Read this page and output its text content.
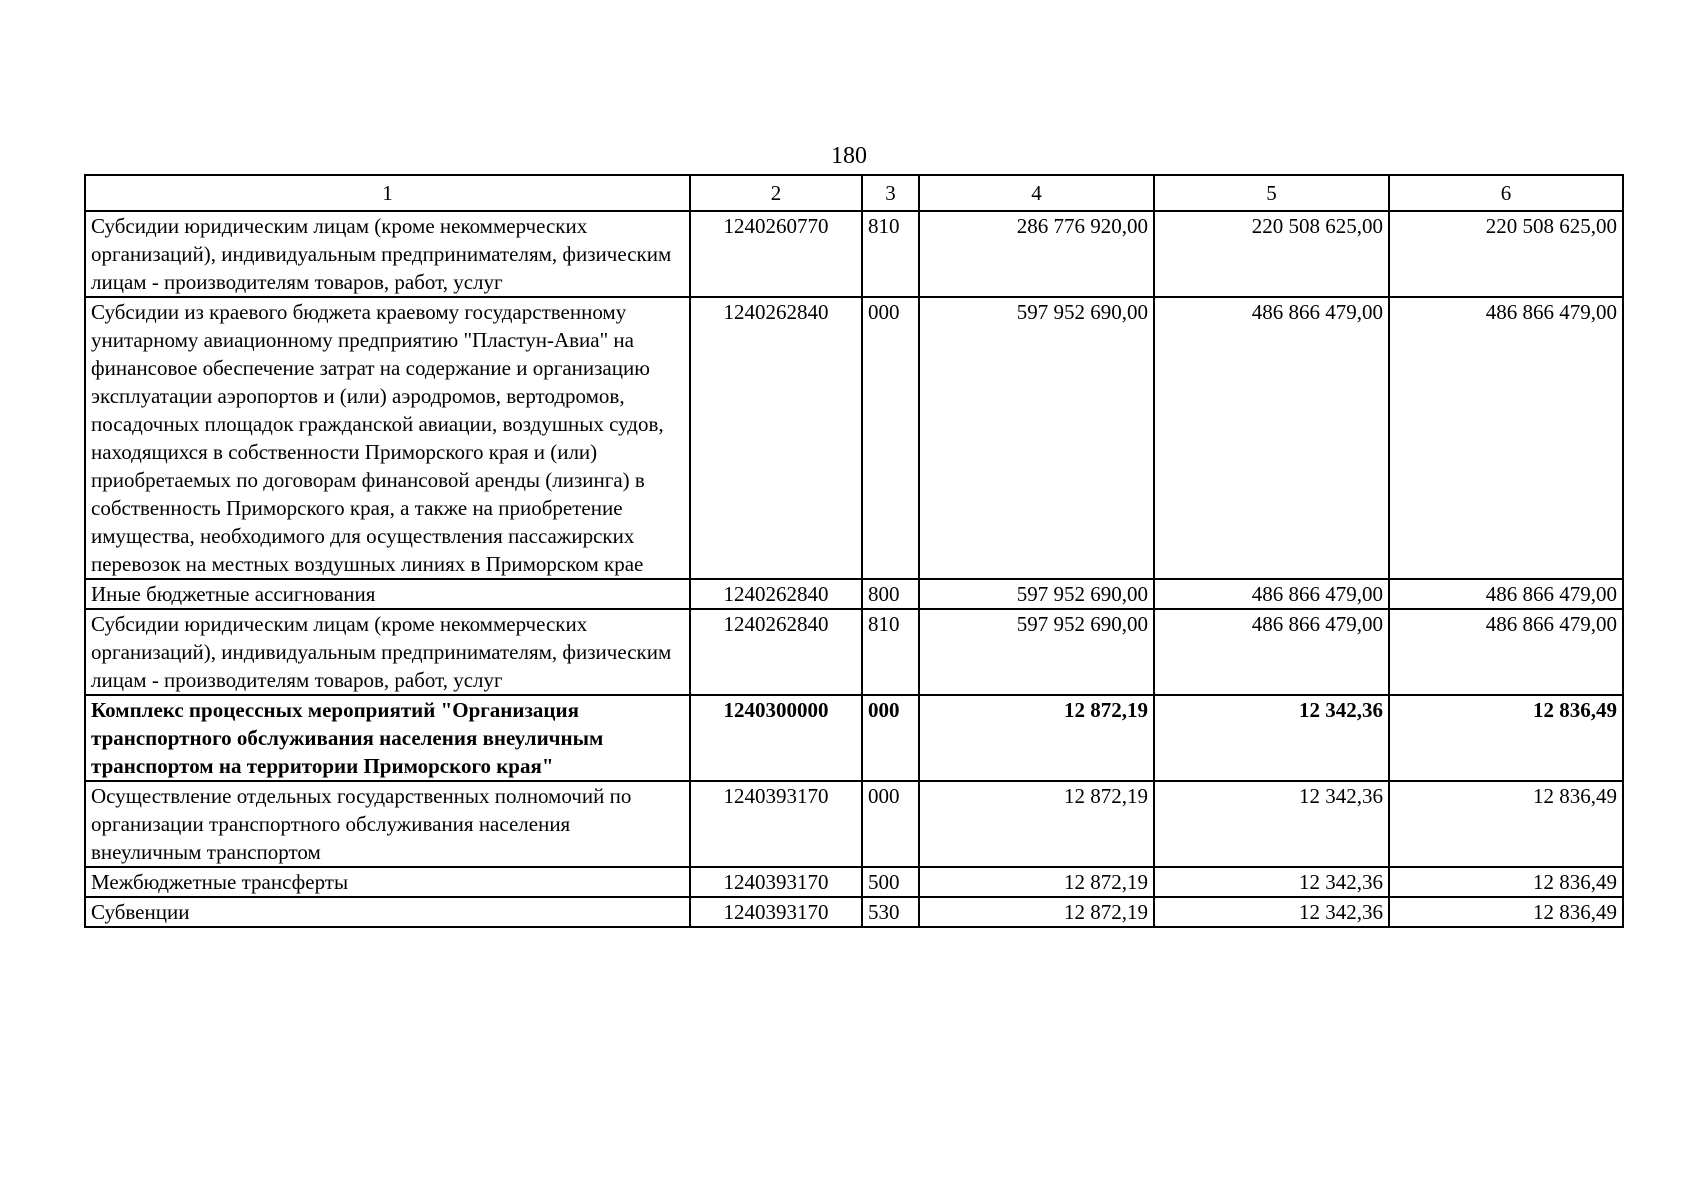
180
1	2	3	4	5	6
Субсидии юридическим лицам (кроме некоммерческих организаций), индивидуальным предпринимателям, физическим лицам - производителям товаров, работ, услуг	1240260770	810	286 776 920,00	220 508 625,00	220 508 625,00
Субсидии из краевого бюджета краевому государственному унитарному авиационному предприятию "Пластун-Авиа" на финансовое обеспечение затрат на содержание и организацию эксплуатации аэропортов и (или) аэродромов, вертодромов, посадочных площадок гражданской авиации, воздушных судов, находящихся в собственности Приморского края и (или) приобретаемых по договорам финансовой аренды (лизинга) в собственность Приморского края, а также на приобретение имущества, необходимого для осуществления пассажирских перевозок на местных воздушных линиях в Приморском крае	1240262840	000	597 952 690,00	486 866 479,00	486 866 479,00
Иные бюджетные ассигнования	1240262840	800	597 952 690,00	486 866 479,00	486 866 479,00
Субсидии юридическим лицам (кроме некоммерческих организаций), индивидуальным предпринимателям, физическим лицам - производителям товаров, работ, услуг	1240262840	810	597 952 690,00	486 866 479,00	486 866 479,00
Комплекс процессных мероприятий "Организация транспортного обслуживания населения внеуличным транспортом на территории Приморского края"	1240300000	000	12 872,19	12 342,36	12 836,49
Осуществление отдельных государственных полномочий по организации транспортного обслуживания населения внеуличным транспортом	1240393170	000	12 872,19	12 342,36	12 836,49
Межбюджетные трансферты	1240393170	500	12 872,19	12 342,36	12 836,49
Субвенции	1240393170	530	12 872,19	12 342,36	12 836,49
